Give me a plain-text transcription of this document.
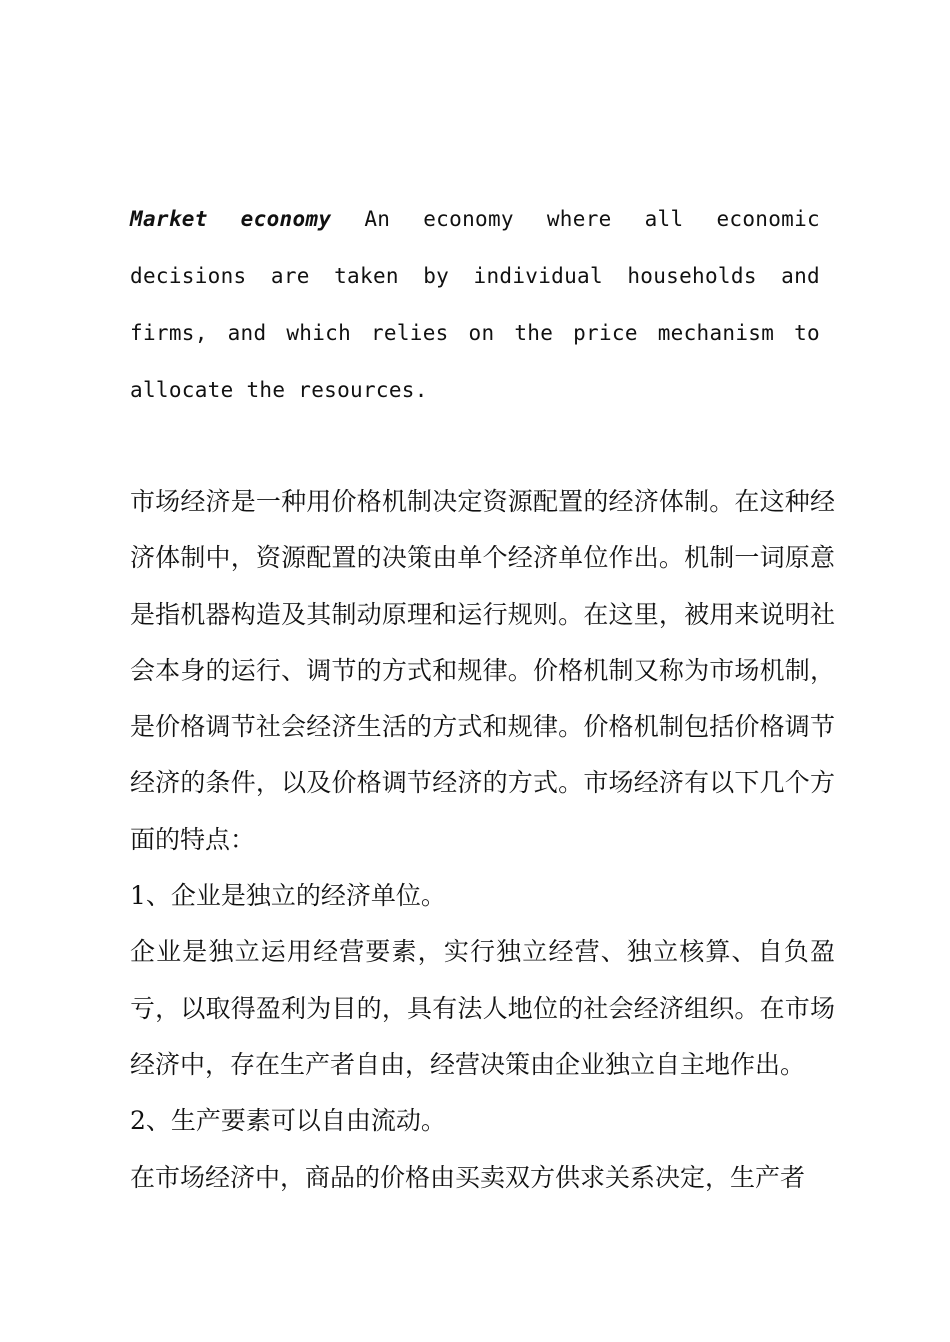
Market economy An economy where all economic decisions are taken by individual households and firms, and which relies on the price mechanism to allocate the resources.

市场经济是一种用价格机制决定资源配置的经济体制。在这种经济体制中，资源配置的决策由单个经济单位作出。机制一词原意是指机器构造及其制动原理和运行规则。在这里，被用来说明社会本身的运行、调节的方式和规律。价格机制又称为市场机制，是价格调节社会经济生活的方式和规律。价格机制包括价格调节经济的条件，以及价格调节经济的方式。市场经济有以下几个方面的特点：

1、企业是独立的经济单位。

企业是独立运用经营要素，实行独立经营、独立核算、自负盈亏，以取得盈利为目的，具有法人地位的社会经济组织。在市场经济中，存在生产者自由，经营决策由企业独立自主地作出。

2、生产要素可以自由流动。

在市场经济中，商品的价格由买卖双方供求关系决定，生产者
